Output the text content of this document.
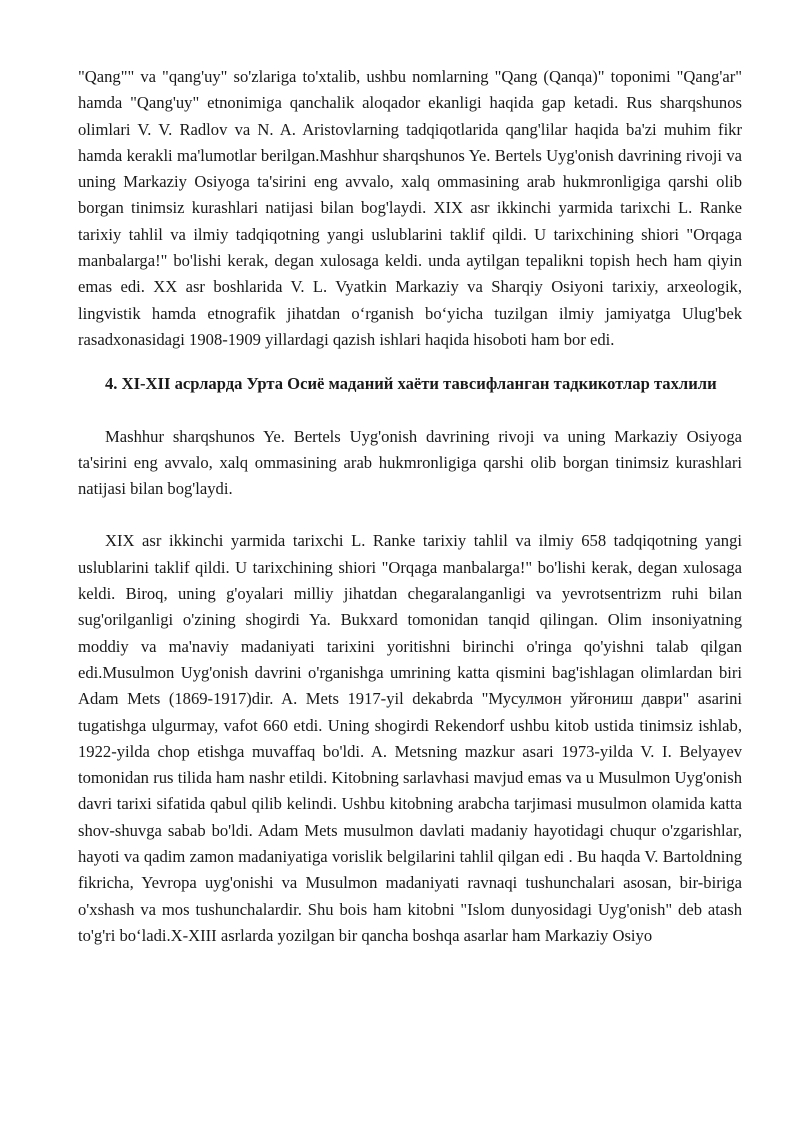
"Qang"" va "qang'uy" so'zlariga to'xtalib, ushbu nomlarning "Qang (Qanqa)" toponimi "Qang'ar" hamda "Qang'uy" etnonimiga qanchalik aloqador ekanligi haqida gap ketadi. Rus sharqshunos olimlari V. V. Radlov va N. A. Aristovlarning tadqiqotlarida qang'lilar haqida ba'zi muhim fikr hamda kerakli ma'lumotlar berilgan.Mashhur sharqshunos Ye. Bertels Uyg'onish davrining rivoji va uning Markaziy Osiyoga ta'sirini eng avvalo, xalq ommasining arab hukmronligiga qarshi olib borgan tinimsiz kurashlari natijasi bilan bog'laydi. XIX asr ikkinchi yarmida tarixchi L. Ranke tarixiy tahlil va ilmiy tadqiqotning yangi uslublarini taklif qildi. U tarixchining shiori "Orqaga manbalarga!" bo'lishi kerak, degan xulosaga keldi. unda aytilgan tepalikni topish hech ham qiyin emas edi. XX asr boshlarida V. L. Vyatkin Markaziy va Sharqiy Osiyoni tarixiy, arxeologik, lingvistik hamda etnografik jihatdan o‘rganish bo‘yicha tuzilgan ilmiy jamiyatga Ulug'bek rasadxonasidagi 1908-1909 yillardagi qazish ishlari haqida hisoboti ham bor edi.

4. XI-XII асрларда Урта Осиё маданий хаёти тавсифланган тадкикотлар тахлили

Mashhur sharqshunos Ye. Bertels Uyg'onish davrining rivoji va uning Markaziy Osiyoga ta'sirini eng avvalo, xalq ommasining arab hukmronligiga qarshi olib borgan tinimsiz kurashlari natijasi bilan bog'laydi.

XIX asr ikkinchi yarmida tarixchi L. Ranke tarixiy tahlil va ilmiy 658 tadqiqotning yangi uslublarini taklif qildi. U tarixchining shiori "Orqaga manbalarga!" bo'lishi kerak, degan xulosaga keldi. Biroq, uning g'oyalari milliy jihatdan chegaralanganligi va yevrotsentrizm ruhi bilan sug'orilganligi o'zining shogirdi Ya. Bukxard tomonidan tanqid qilingan. Olim insoniyatning moddiy va ma'naviy madaniyati tarixini yoritishni birinchi o'ringa qo'yishni talab qilgan edi.Musulmon Uyg'onish davrini o'rganishga umrining katta qismini bag'ishlagan olimlardan biri Adam Mets (1869-1917)dir. A. Mets 1917-yil dekabrda "Мусулмон уйғониш даври" asarini tugatishga ulgurmay, vafot 660 etdi. Uning shogirdi Rekendorf ushbu kitob ustida tinimsiz ishlab, 1922-yilda chop etishga muvaffaq bo'ldi. A. Metsning mazkur asari 1973-yilda V. I. Belyayev tomonidan rus tilida ham nashr etildi. Kitobning sarlavhasi mavjud emas va u Musulmon Uyg'onish davri tarixi sifatida qabul qilib kelindi. Ushbu kitobning arabcha tarjimasi musulmon olamida katta shov-shuvga sabab bo'ldi. Adam Mets musulmon davlati madaniy hayotidagi chuqur o'zgarishlar, hayoti va qadim zamon madaniyatiga vorislik belgilarini tahlil qilgan edi . Bu haqda V. Bartoldning fikricha, Yevropa uyg'onishi va Musulmon madaniyati ravnaqi tushunchalari asosan, bir-biriga o'xshash va mos tushunchalardir. Shu bois ham kitobni "Islom dunyosidagi Uyg'onish" deb atash to'g'ri bo‘ladi.X-XIII asrlarda yozilgan bir qancha boshqa asarlar ham Markaziy Osiyo
